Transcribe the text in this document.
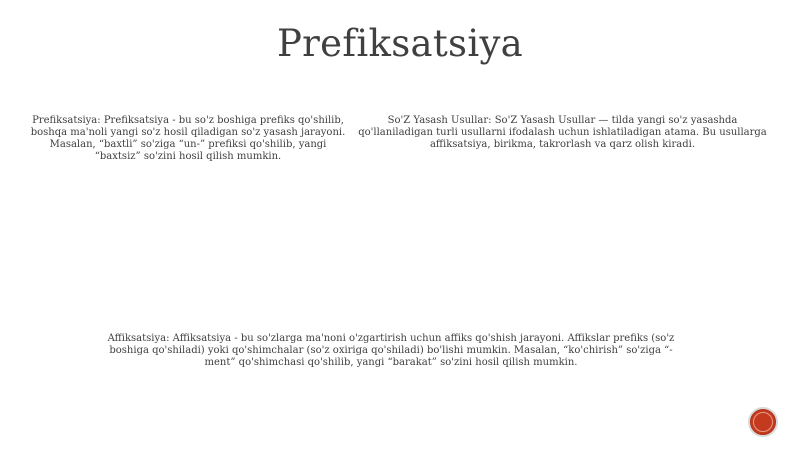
Prefiksatsiya
Prefiksatsiya: Prefiksatsiya - bu so'z boshiga prefiks qo'shilib, boshqa ma'noli yangi so'z hosil qiladigan so'z yasash jarayoni. Masalan, “baxtli” so'ziga “un-” prefiksi qo'shilib, yangi “baxtsiz” so'zini hosil qilish mumkin.
So'Z Yasash Usullar: So'Z Yasash Usullar — tilda yangi so'z yasashda qo'llaniladigan turli usullarni ifodalash uchun ishlatiladigan atama. Bu usullarga affiksatsiya, birikma, takrorlash va qarz olish kiradi.
Affiksatsiya: Affiksatsiya - bu so'zlarga ma'noni o'zgartirish uchun affiks qo'shish jarayoni. Affikslar prefiks (so'z boshiga qo'shiladi) yoki qo'shimchalar (so'z oxiriga qo'shiladi) bo'lishi mumkin. Masalan, “ko'chirish” so'ziga “-ment” qo'shimchasi qo'shilib, yangi “barakat” so'zini hosil qilish mumkin.
